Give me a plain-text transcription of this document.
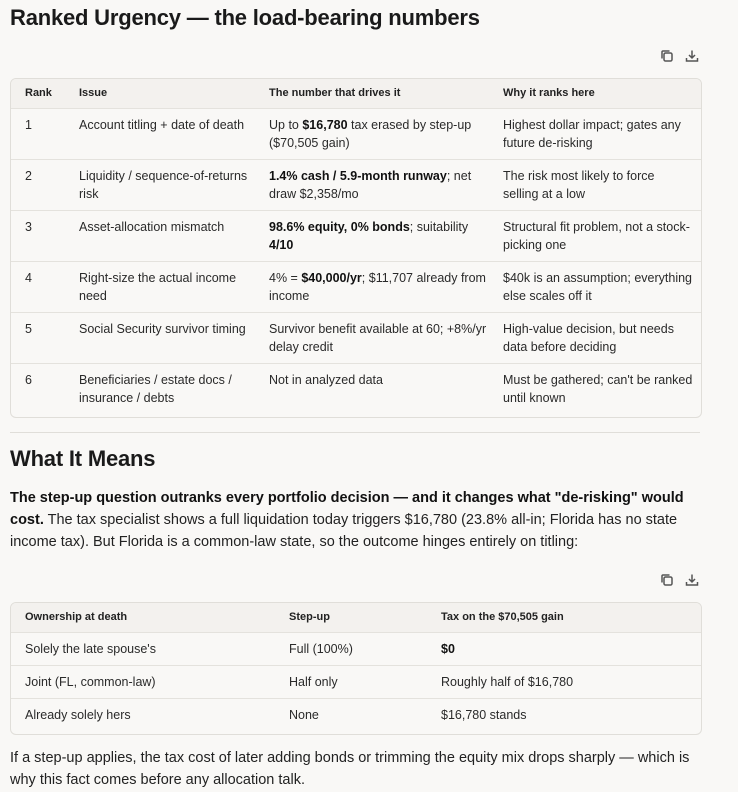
Ranked Urgency — the load-bearing numbers
Rank	Issue	The number that drives it	Why it ranks here
1	Account titling + date of death	Up to $16,780 tax erased by step-up ($70,505 gain)	Highest dollar impact; gates any future de-risking
2	Liquidity / sequence-of-returns risk	1.4% cash / 5.9-month runway; net draw $2,358/mo	The risk most likely to force selling at a low
3	Asset-allocation mismatch	98.6% equity, 0% bonds; suitability 4/10	Structural fit problem, not a stock-picking one
4	Right-size the actual income need	4% = $40,000/yr; $11,707 already from income	$40k is an assumption; everything else scales off it
5	Social Security survivor timing	Survivor benefit available at 60; +8%/yr delay credit	High-value decision, but needs data before deciding
6	Beneficiaries / estate docs / insurance / debts	Not in analyzed data	Must be gathered; can't be ranked until known
What It Means

The step-up question outranks every portfolio decision — and it changes what "de-risking" would cost. The tax specialist shows a full liquidation today triggers $16,780 (23.8% all-in; Florida has no state income tax). But Florida is a common-law state, so the outcome hinges entirely on titling:

Ownership at death	Step-up	Tax on the $70,505 gain
Solely the late spouse's	Full (100%)	$0
Joint (FL, common-law)	Half only	Roughly half of $16,780
Already solely hers	None	$16,780 stands

If a step-up applies, the tax cost of later adding bonds or trimming the equity mix drops sharply — which is why this fact comes before any allocation talk.
